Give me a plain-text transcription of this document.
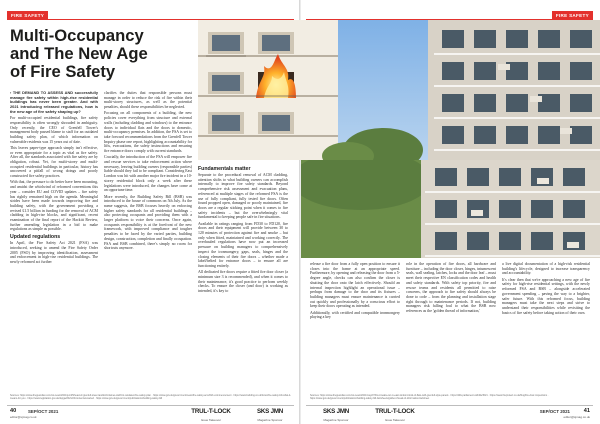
FIRE SAFETY	FIRE SAFETY
Multi-Occupancy
and The New Age
of Fire Safety

› THE DEMAND TO ASSESS AND successfully manage fire safety within high-rise residential buildings has never been greater. And with 2021 introducing released regulations, how is the new age of fire safety shaping up?

For multi-occupied residential buildings, fire safety responsibility is often wrongly shrouded in ambiguity. Only recently, the CEO of Grenfell Tower's management body passed blame to staff for an outdated building safety plan, of which information on vulnerable residents was 15 years out of date.

This leaves paper-type approach simply isn't effective, or even appropriate for a topic as vital as fire safety. After all, the standards associated with fire safety are by obligation, robust. Yet, for multi-storey and multi-occupied residential buildings in particular, history has uncovered a pitfall of wrong doings and poorly constructed fire safety practices.

With that, the pressure to do better have been mounting, and amidst the whirlwind of reformed conventions this year – consider EU and COVID updates – fire safety has rightly remained high on the agenda. Meaningful strides have been made towards improving fire and building safety, with the government providing a revised £1.5 billion in funding for the removal of ACM cladding in high-rise blocks, and significant, recent examination of the final report of the Hackitt Review, further amending legislation in a bid to make regulations as simple as possible.

Updated regulations

In April, the Fire Safety Act 2021 (FSA) was introduced, seeking to amend the Fire Safety Order 2005 (FSO) by improving identification, assessment and enforcement in high-rise residential buildings. The newly reformed act further

clarifies the duties that responsible persons must manage in order to reduce the risk of fire within their multi-storey structures, as well as the potential penalties, should these responsibilities be neglected.

Focusing on all components of a building, the new policies cover everything from structure and external walls (including cladding and windows) to the entrance doors to individual flats and the doors to domestic, multi-occupancy premises. In addition, the FSA is set to take forward recommendations from the Grenfell Tower Inquiry phase one report, highlighting accountability for lifts, evacuations, the safety instructions and ensuring fire entrance doors comply with current standards.

Crucially, the introduction of the FSA will empower fire and rescue services to take enforcement action where necessary, leaving building owners (responsible parties) liable should they fail to be compliant. Considering East London was hit with another major fire incident in a 10-storey residential block only a week after these legislations were introduced, the changes have come at an opportune time.

More recently, the Building Safety Bill (BSB) was introduced to the house of commons on 5th July. As the name suggests, the BSB focuses heavily on enforcing higher safety standards for all residential buildings – also protecting occupants and providing them with a larger platform to voice their concerns. Once again, occupants responsibility is at the forefront of the new framework, with improved compliance and tougher penalties to be faced by the varied parties, building design, construction, completion and finally occupation. FSA and BSB combined, there's simply no room for shortcuts anymore.

Fundamentals matter

Separate to the procedural removal of ACM cladding, attention shifts to what building owners can accomplish internally to improve fire safety standards. Beyond comprehensive risk assessment and evacuation plans, referenced at multiple stages of the reformed FSA is the use of fully compliant, fully tested fire doors. Often found propped open, damaged or poorly maintained, fire doors are a regular sticking point when it comes to fire safety incidents – but the overwhelmingly vital fundamental to keeping people safe in fire situations.

Available in ratings ranging from FD30 to FD120, fire doors and their equipment will provide between 30 to 120 minutes of protection against fire and smoke – but only when fitted, maintained and working correctly. The overhauled regulations have now put an increased pressure on building managers to comprehensively inspect the ironmongery, gaps, seals, hinges and the closing elements of their fire doors – whether made a label/belted for entrance doors – to ensure all are functioning entirely.

All dedicated fire doors require a fitted fire door closer (a minimum size 3 is recommended), and when it comes to their maintenance, it's good practice to perform weekly checks. To ensure the closer (and door) is working as intended, it's key to

release a fire door from a fully open position to ensure it closes into the frame at an appropriate speed. Furthermore, by opening and releasing the door from a 5-degree angle, checks can also confirm the closer is shutting the door onto the latch effectively. Should an internal inspection highlight an operational issue – perhaps from damage to the door and its fixtures – building managers must ensure maintenance is carried out quickly and professionally by a conscious effort to keep their doors operating as intended.

Additionally, with certified and compatible ironmongery playing a key

role in the operation of fire doors, all hardware and furniture – including the door closer, hinges, intumescent seals, wall sealing, latches, locks and the door leaf – must meet their respective EN classification codes and health and safety standards. With safety top priority, fire and rescue teams and residents all permitted to raise concerns, the approach to fire safety should always be done to code – from the planning and installation stage right through to maintenance periods. If not, building managers risk falling foul to what the BSB now references as the 'golden thread of information,'

a live digital documentation of a high-risk residential building's lifecycle, designed to increase transparency and accountability.

It's clear then that we're approaching a new age of fire safety for high-rise residential settings, with the newly reformed FSA and BSB – alongside accelerated government spending – paving the way to a brighter, safer future. With this reformed focus, building managers must take the next steps and strive to understand their responsibilities while revisiting the basics of fire safety before taking action of their own.

Sources: https://www.theguardian.com/uk-news/2021/jun/25/head-of-grenfell-tower-landlord-blames-staff-for-outdated-fire-safety-plan · https://www.gov.uk/government/news/fire-safety-act-2021-commencement · https://www.building.co.uk/focus/fire-safety-bill-what-it-means-for-you · https://www.legislation.gov.uk/ukpga/2021/24/contents/enacted · https://www.gov.uk/government/publications/building-safety-bill
Sources: https://www.theguardian.com/uk-news/2021/may/07/fire-breaks-out-in-east-london-block-of-flats-with-grenfell-style-panels · https://bills.parliament.uk/bills/3021 · https://www.fireprotect.co.uk/blog/fire-door-inspections · https://www.gov.uk/government/publications/building-safety-bill-factsheets/golden-thread-of-information-factsheet
40	SEP/OCT 2021
editor@sjmag.co.uk
41
SEP/OCT 2021
editor@sjmag.co.uk
TRUL-T-LOCK
Issue Takeover
SKS JMN
Magazine Sponsor
SKS JMN
Magazine Sponsor
TRUL-T-LOCK
Issue Takeover
